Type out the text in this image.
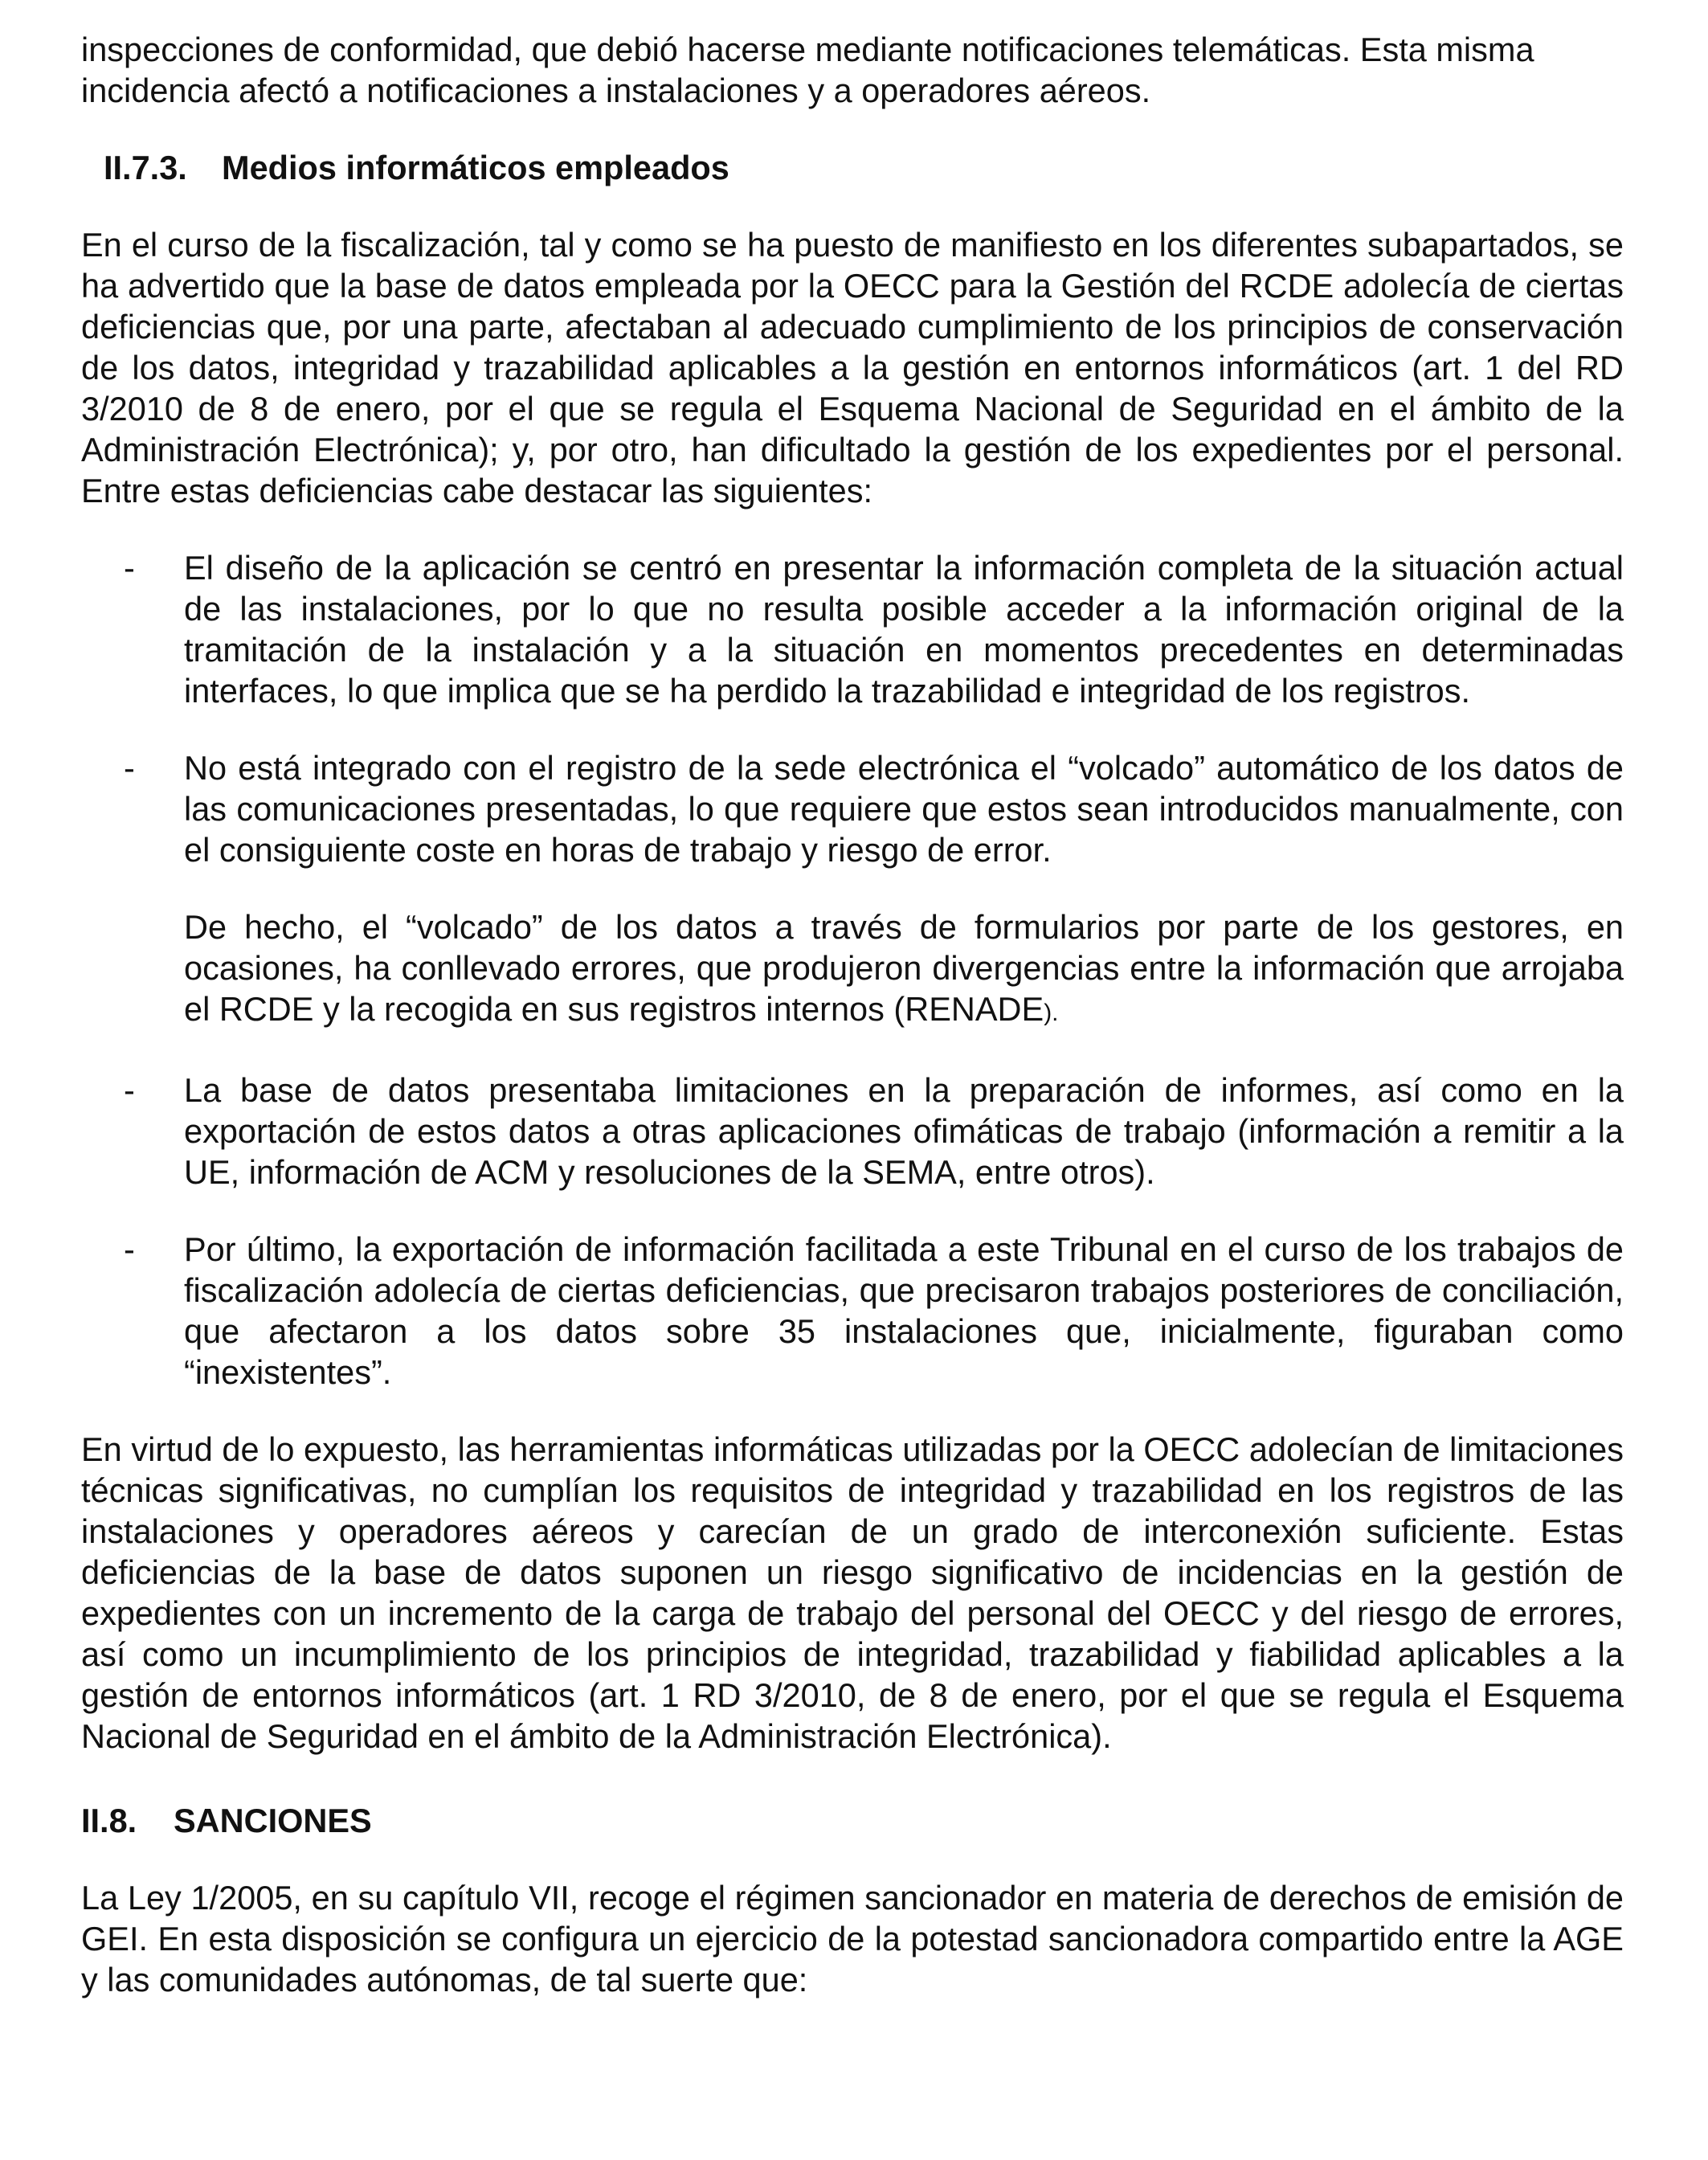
inspecciones de conformidad, que debió hacerse mediante notificaciones telemáticas. Esta misma incidencia afectó a notificaciones a instalaciones y a operadores aéreos.

II.7.3. Medios informáticos empleados

En el curso de la fiscalización, tal y como se ha puesto de manifiesto en los diferentes subapartados, se ha advertido que la base de datos empleada por la OECC para la Gestión del RCDE adolecía de ciertas deficiencias que, por una parte, afectaban al adecuado cumplimiento de los principios de conservación de los datos, integridad y trazabilidad aplicables a la gestión en entornos informáticos (art. 1 del RD 3/2010 de 8 de enero, por el que se regula el Esquema Nacional de Seguridad en el ámbito de la Administración Electrónica); y, por otro, han dificultado la gestión de los expedientes por el personal. Entre estas deficiencias cabe destacar las siguientes:

- El diseño de la aplicación se centró en presentar la información completa de la situación actual de las instalaciones, por lo que no resulta posible acceder a la información original de la tramitación de la instalación y a la situación en momentos precedentes en determinadas interfaces, lo que implica que se ha perdido la trazabilidad e integridad de los registros.

- No está integrado con el registro de la sede electrónica el “volcado” automático de los datos de las comunicaciones presentadas, lo que requiere que estos sean introducidos manualmente, con el consiguiente coste en horas de trabajo y riesgo de error.

De hecho, el “volcado” de los datos a través de formularios por parte de los gestores, en ocasiones, ha conllevado errores, que produjeron divergencias entre la información que arrojaba el RCDE y la recogida en sus registros internos (RENADE).

- La base de datos presentaba limitaciones en la preparación de informes, así como en la exportación de estos datos a otras aplicaciones ofimáticas de trabajo (información a remitir a la UE, información de ACM y resoluciones de la SEMA, entre otros).

- Por último, la exportación de información facilitada a este Tribunal en el curso de los trabajos de fiscalización adolecía de ciertas deficiencias, que precisaron trabajos posteriores de conciliación, que afectaron a los datos sobre 35 instalaciones que, inicialmente, figuraban como “inexistentes”.

En virtud de lo expuesto, las herramientas informáticas utilizadas por la OECC adolecían de limitaciones técnicas significativas, no cumplían los requisitos de integridad y trazabilidad en los registros de las instalaciones y operadores aéreos y carecían de un grado de interconexión suficiente. Estas deficiencias de la base de datos suponen un riesgo significativo de incidencias en la gestión de expedientes con un incremento de la carga de trabajo del personal del OECC y del riesgo de errores, así como un incumplimiento de los principios de integridad, trazabilidad y fiabilidad aplicables a la gestión de entornos informáticos (art. 1 RD 3/2010, de 8 de enero, por el que se regula el Esquema Nacional de Seguridad en el ámbito de la Administración Electrónica).

II.8. SANCIONES

La Ley 1/2005, en su capítulo VII, recoge el régimen sancionador en materia de derechos de emisión de GEI. En esta disposición se configura un ejercicio de la potestad sancionadora compartido entre la AGE y las comunidades autónomas, de tal suerte que:
